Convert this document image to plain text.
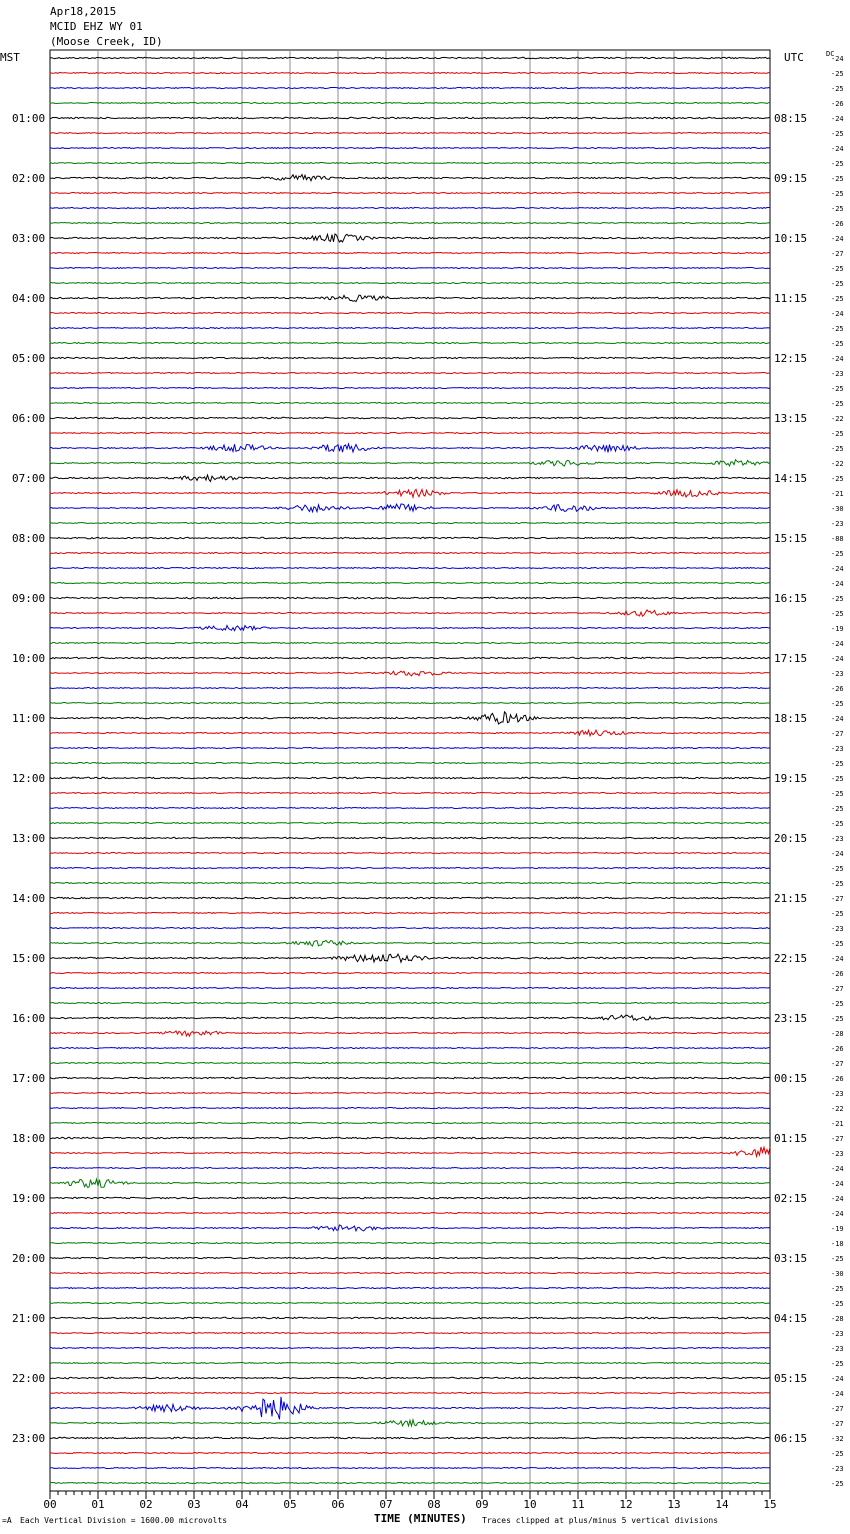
Apr18,2015
MCID EHZ WY 01
(Moose Creek, ID)
01:00
02:00
03:00
04:00
05:00
06:00
07:00
08:00
09:00
10:00
11:00
12:00
13:00
14:00
15:00
16:00
17:00
18:00
19:00
20:00
21:00
22:00
23:00
08:15
09:15
10:15
11:15
12:15
13:15
14:15
15:15
16:15
17:15
18:15
19:15
20:15
21:15
22:15
23:15
00:15
01:15
02:15
03:15
04:15
05:15
06:15
MST	UTC	DC
-24
-25
-25
-26
-24
-25
-24
-25
-25
-25
-25
-26
-24
-27
-25
-25
-25
-24
-25
-25
-24
-23
-25
-25
-22
-25
-25
-22
-25
-21
-30
-23
-88
-25
-24
-24
-25
-25
-19
-24
-24
-23
-26
-25
-24
-27
-23
-25
-25
-25
-25
-25
-23
-24
-25
-25
-27
-25
-23
-25
-24
-26
-27
-25
-25
-28
-26
-27
-26
-23
-22
-21
-27
-23
-24
-24
-24
-24
-19
-18
-25
-30
-25
-25
-28
-23
-23
-25
-24
-24
-27
-27
-32
-25
-23
-25
00	01	02	03	04	05	06	07	08	09	10	11	12	13	14	15
=A Each Vertical Division = 1600.00 microvolts	TIME (MINUTES) Traces clipped at plus/minus 5 vertical divisions
